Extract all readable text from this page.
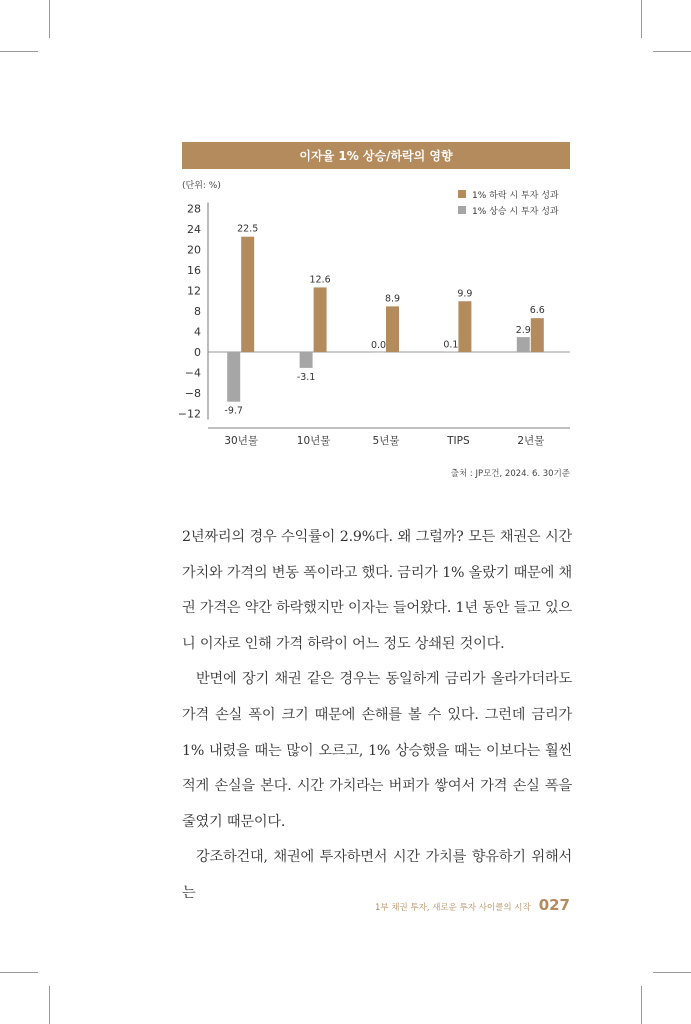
이자율 1% 상승/하락의 영향
(단위: %)
28
24
20
16
12
8
4
0
−4
−8
−12 -9.7
22.5
30년물
-3.1
12.6
10년물
0.0
8.9
5년물
0.1
9.9
TIPS
2.9
6.6
2년물
1% 하락 시 투자 성과
1% 상승 시 투자 성과
출처 : JP모건, 2024. 6. 30기준

2년짜리의 경우 수익률이 2.9%다. 왜 그럴까? 모든 채권은 시간 가치와 가격의 변동 폭이라고 했다. 금리가 1% 올랐기 때문에 채권 가격은 약간 하락했지만 이자는 들어왔다. 1년 동안 들고 있으니 이자로 인해 가격 하락이 어느 정도 상쇄된 것이다.

반면에 장기 채권 같은 경우는 동일하게 금리가 올라가더라도 가격 손실 폭이 크기 때문에 손해를 볼 수 있다. 그런데 금리가 1% 내렸을 때는 많이 오르고, 1% 상승했을 때는 이보다는 훨씬 적게 손실을 본다. 시간 가치라는 버퍼가 쌓여서 가격 손실 폭을 줄였기 때문이다.

강조하건대, 채권에 투자하면서 시간 가치를 향유하기 위해서는

1부 채권 투자, 새로운 투자 사이클의 시작 027
